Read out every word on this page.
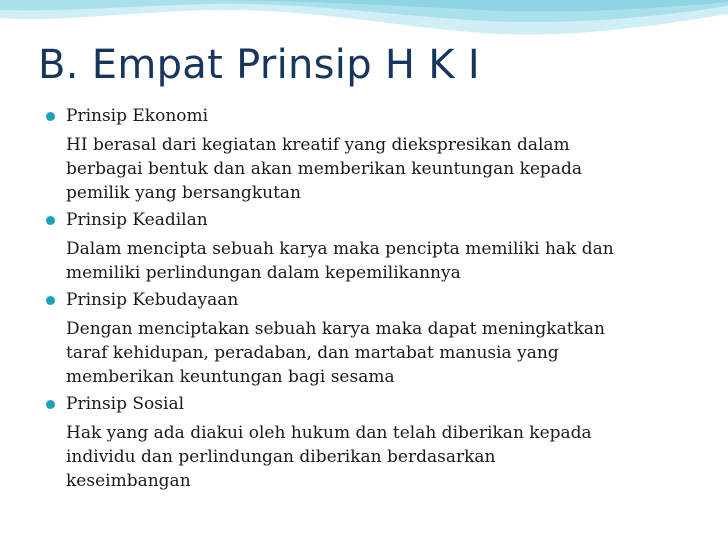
B. Empat Prinsip H K I
Prinsip Ekonomi
HI berasal dari kegiatan kreatif yang diekspresikan dalam
berbagai bentuk dan akan memberikan keuntungan kepada
pemilik yang bersangkutan
Prinsip Keadilan
Dalam mencipta sebuah karya maka pencipta memiliki hak dan
memiliki perlindungan dalam kepemilikannya
Prinsip Kebudayaan
Dengan menciptakan sebuah karya maka dapat meningkatkan
taraf kehidupan, peradaban, dan martabat manusia yang
memberikan keuntungan bagi sesama
Prinsip Sosial
Hak yang ada diakui oleh hukum dan telah diberikan kepada
individu dan perlindungan diberikan berdasarkan
keseimbangan
